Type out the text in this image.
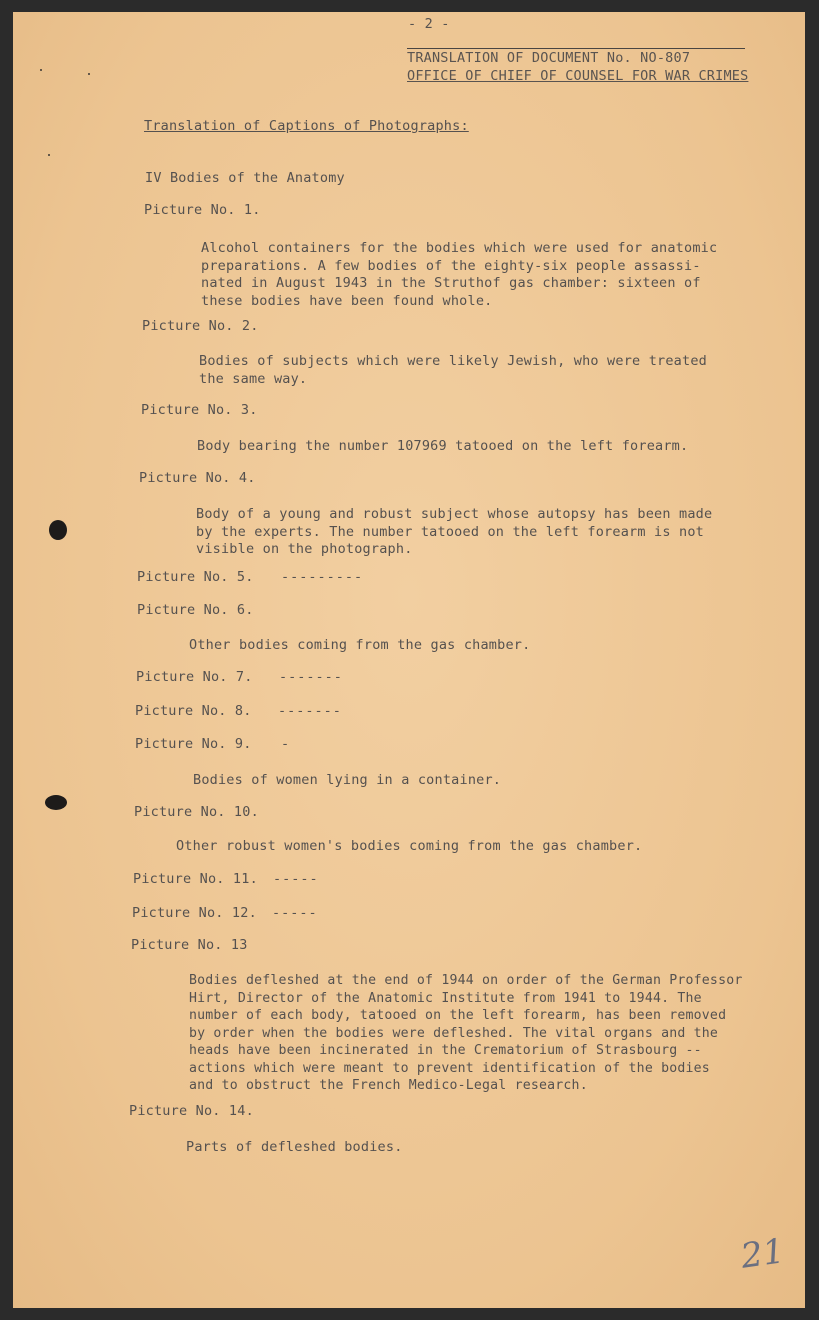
- 2 -
TRANSLATION OF DOCUMENT No. NO-807
OFFICE OF CHIEF OF COUNSEL FOR WAR CRIMES
Translation of Captions of Photographs:
IV Bodies of the Anatomy
Picture No. 1.
Alcohol containers for the bodies which were used for anatomic
preparations. A few bodies of the eighty-six people assassi-
nated in August 1943 in the Struthof gas chamber: sixteen of
these bodies have been found whole.
Picture No. 2.
Bodies of subjects which were likely Jewish, who were treated
the same way.
Picture No. 3.
Body bearing the number 107969 tatooed on the left forearm.
Picture No. 4.
Body of a young and robust subject whose autopsy has been made
by the experts. The number tatooed on the left forearm is not
visible on the photograph.
Picture No. 5. ---------
Picture No. 6.
Other bodies coming from the gas chamber.
Picture No. 7. -------
Picture No. 8. -------
Picture No. 9. -
Bodies of women lying in a container.
Picture No. 10.
Other robust women's bodies coming from the gas chamber.
Picture No. 11. -----
Picture No. 12. -----
Picture No. 13
Bodies defleshed at the end of 1944 on order of the German Professor
Hirt, Director of the Anatomic Institute from 1941 to 1944. The
number of each body, tatooed on the left forearm, has been removed
by order when the bodies were defleshed. The vital organs and the
heads have been incinerated in the Crematorium of Strasbourg --
actions which were meant to prevent identification of the bodies
and to obstruct the French Medico-Legal research.
Picture No. 14.
Parts of defleshed bodies.
21
